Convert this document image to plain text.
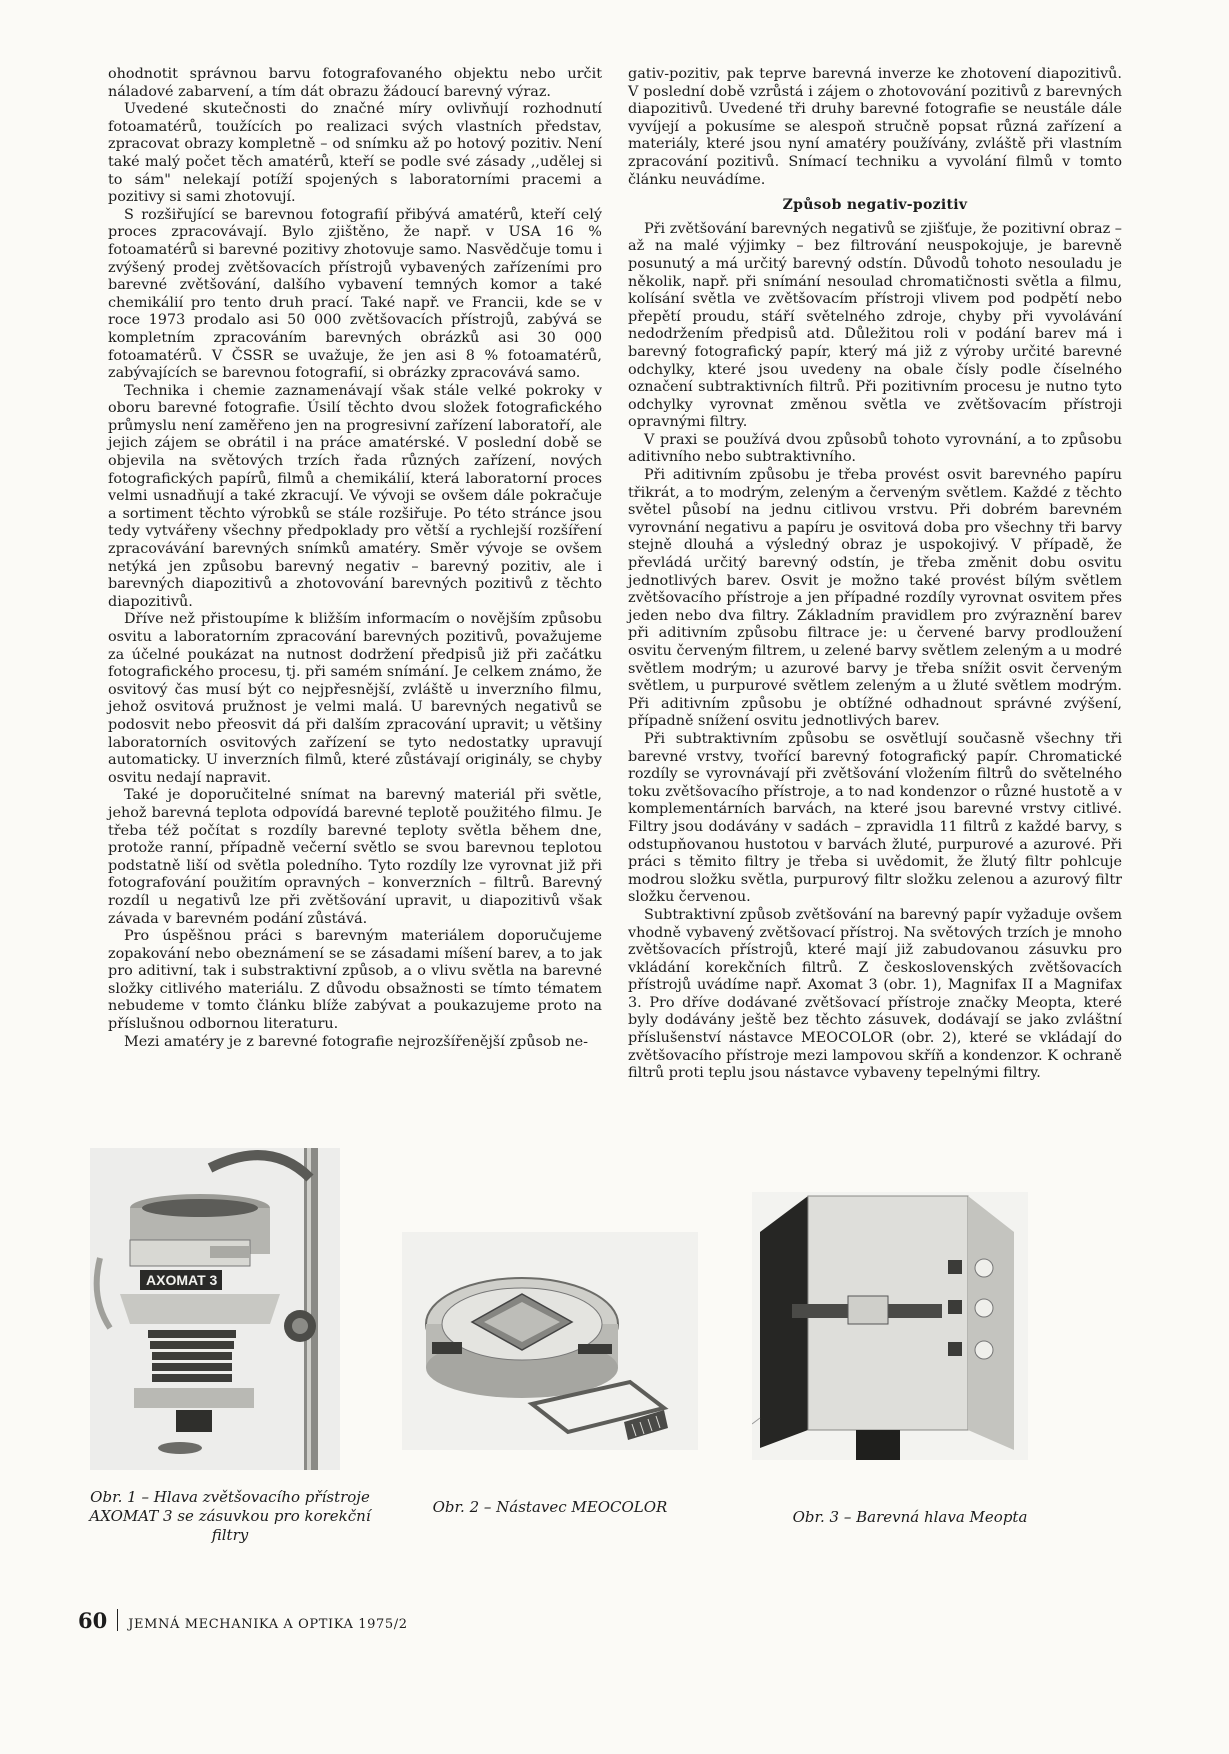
ohodnotit správnou barvu fotografovaného objektu nebo určit náladové zabarvení, a tím dát obrazu žádoucí barevný výraz.

Uvedené skutečnosti do značné míry ovlivňují rozhodnutí fotoamatérů, toužících po realizaci svých vlastních představ, zpracovat obrazy kompletně – od snímku až po hotový pozitiv. Není také malý počet těch amatérů, kteří se podle své zásady ,,udělej si to sám" nelekají potíží spojených s laboratorními pracemi a pozitivy si sami zhotovují.

S rozšiřující se barevnou fotografií přibývá amatérů, kteří celý proces zpracovávají. Bylo zjištěno, že např. v USA 16 % fotoamatérů si barevné pozitivy zhotovuje samo. Nasvědčuje tomu i zvýšený prodej zvětšovacích přístrojů vybavených zařízeními pro barevné zvětšování, dalšího vybavení temných komor a také chemikálií pro tento druh prací. Také např. ve Francii, kde se v roce 1973 prodalo asi 50 000 zvětšovacích přístrojů, zabývá se kompletním zpracováním barevných obrázků asi 30 000 fotoamatérů. V ČSSR se uvažuje, že jen asi 8 % fotoamatérů, zabývajících se barevnou fotografií, si obrázky zpracovává samo.

Technika i chemie zaznamenávají však stále velké pokroky v oboru barevné fotografie. Úsilí těchto dvou složek fotografického průmyslu není zaměřeno jen na progresivní zařízení laboratoří, ale jejich zájem se obrátil i na práce amatérské. V poslední době se objevila na světových trzích řada různých zařízení, nových fotografických papírů, filmů a chemikálií, která laboratorní proces velmi usnadňují a také zkracují. Ve vývoji se ovšem dále pokračuje a sortiment těchto výrobků se stále rozšiřuje. Po této stránce jsou tedy vytvářeny všechny předpoklady pro větší a rychlejší rozšíření zpracovávání barevných snímků amatéry. Směr vývoje se ovšem netýká jen způsobu barevný negativ – barevný pozitiv, ale i barevných diapozitivů a zhotovování barevných pozitivů z těchto diapozitivů.

Dříve než přistoupíme k bližším informacím o novějším způsobu osvitu a laboratorním zpracování barevných pozitivů, považujeme za účelné poukázat na nutnost dodržení předpisů již při začátku fotografického procesu, tj. při samém snímání. Je celkem známo, že osvitový čas musí být co nejpřesnější, zvláště u inverzního filmu, jehož osvitová pružnost je velmi malá. U barevných negativů se podosvit nebo přeosvit dá při dalším zpracování upravit; u většiny laboratorních osvitových zařízení se tyto nedostatky upravují automaticky. U inverzních filmů, které zůstávají originály, se chyby osvitu nedají napravit.

Také je doporučitelné snímat na barevný materiál při světle, jehož barevná teplota odpovídá barevné teplotě použitého filmu. Je třeba též počítat s rozdíly barevné teploty světla během dne, protože ranní, případně večerní světlo se svou barevnou teplotou podstatně liší od světla poledního. Tyto rozdíly lze vyrovnat již při fotografování použitím opravných – konverzních – filtrů. Barevný rozdíl u negativů lze při zvětšování upravit, u diapozitivů však závada v barevném podání zůstává.

Pro úspěšnou práci s barevným materiálem doporučujeme zopakování nebo obeznámení se se zásadami míšení barev, a to jak pro aditivní, tak i substraktivní způsob, a o vlivu světla na barevné složky citlivého materiálu. Z důvodu obsažnosti se tímto tématem nebudeme v tomto článku blíže zabývat a poukazujeme proto na příslušnou odbornou literaturu.

Mezi amatéry je z barevné fotografie nejrozšířenější způsob ne-

gativ-pozitiv, pak teprve barevná inverze ke zhotovení diapozitivů. V poslední době vzrůstá i zájem o zhotovování pozitivů z barevných diapozitivů. Uvedené tři druhy barevné fotografie se neustále dále vyvíjejí a pokusíme se alespoň stručně popsat různá zařízení a materiály, které jsou nyní amatéry používány, zvláště při vlastním zpracování pozitivů. Snímací techniku a vyvolání filmů v tomto článku neuvádíme.

Způsob negativ-pozitiv

Při zvětšování barevných negativů se zjišťuje, že pozitivní obraz – až na malé výjimky – bez filtrování neuspokojuje, je barevně posunutý a má určitý barevný odstín. Důvodů tohoto nesouladu je několik, např. při snímání nesoulad chromatičnosti světla a filmu, kolísání světla ve zvětšovacím přístroji vlivem pod podpětí nebo přepětí proudu, stáří světelného zdroje, chyby při vyvolávání nedodržením předpisů atd. Důležitou roli v podání barev má i barevný fotografický papír, který má již z výroby určité barevné odchylky, které jsou uvedeny na obale čísly podle číselného označení subtraktivních filtrů. Při pozitivním procesu je nutno tyto odchylky vyrovnat změnou světla ve zvětšovacím přístroji opravnými filtry.

V praxi se používá dvou způsobů tohoto vyrovnání, a to způsobu aditivního nebo subtraktivního.

Při aditivním způsobu je třeba provést osvit barevného papíru třikrát, a to modrým, zeleným a červeným světlem. Každé z těchto světel působí na jednu citlivou vrstvu. Při dobrém barevném vyrovnání negativu a papíru je osvitová doba pro všechny tři barvy stejně dlouhá a výsledný obraz je uspokojivý. V případě, že převládá určitý barevný odstín, je třeba změnit dobu osvitu jednotlivých barev. Osvit je možno také provést bílým světlem zvětšovacího přístroje a jen případné rozdíly vyrovnat osvitem přes jeden nebo dva filtry. Základním pravidlem pro zvýraznění barev při aditivním způsobu filtrace je: u červené barvy prodloužení osvitu červeným filtrem, u zelené barvy světlem zeleným a u modré světlem modrým; u azurové barvy je třeba snížit osvit červeným světlem, u purpurové světlem zeleným a u žluté světlem modrým. Při aditivním způsobu je obtížné odhadnout správné zvýšení, případně snížení osvitu jednotlivých barev.

Při subtraktivním způsobu se osvětlují současně všechny tři barevné vrstvy, tvořící barevný fotografický papír. Chromatické rozdíly se vyrovnávají při zvětšování vložením filtrů do světelného toku zvětšovacího přístroje, a to nad kondenzor o různé hustotě a v komplementárních barvách, na které jsou barevné vrstvy citlivé. Filtry jsou dodávány v sadách – zpravidla 11 filtrů z každé barvy, s odstupňovanou hustotou v barvách žluté, purpurové a azurové. Při práci s těmito filtry je třeba si uvědomit, že žlutý filtr pohlcuje modrou složku světla, purpurový filtr složku zelenou a azurový filtr složku červenou.

Subtraktivní způsob zvětšování na barevný papír vyžaduje ovšem vhodně vybavený zvětšovací přístroj. Na světových trzích je mnoho zvětšovacích přístrojů, které mají již zabudovanou zásuvku pro vkládání korekčních filtrů. Z československých zvětšovacích přístrojů uvádíme např. Axomat 3 (obr. 1), Magnifax II a Magnifax 3. Pro dříve dodávané zvětšovací přístroje značky Meopta, které byly dodávány ještě bez těchto zásuvek, dodávají se jako zvláštní příslušenství nástavce MEOCOLOR (obr. 2), které se vkládají do zvětšovacího přístroje mezi lampovou skříň a kondenzor. K ochraně filtrů proti teplu jsou nástavce vybaveny tepelnými filtry.

AXOMAT 3
Obr. 1 – Hlava zvětšovacího přístroje AXOMAT 3 se zásuvkou pro korekční filtry
Obr. 2 – Nástavec MEOCOLOR
Obr. 3 – Barevná hlava Meopta
60 JEMNÁ MECHANIKA A OPTIKA 1975/2
